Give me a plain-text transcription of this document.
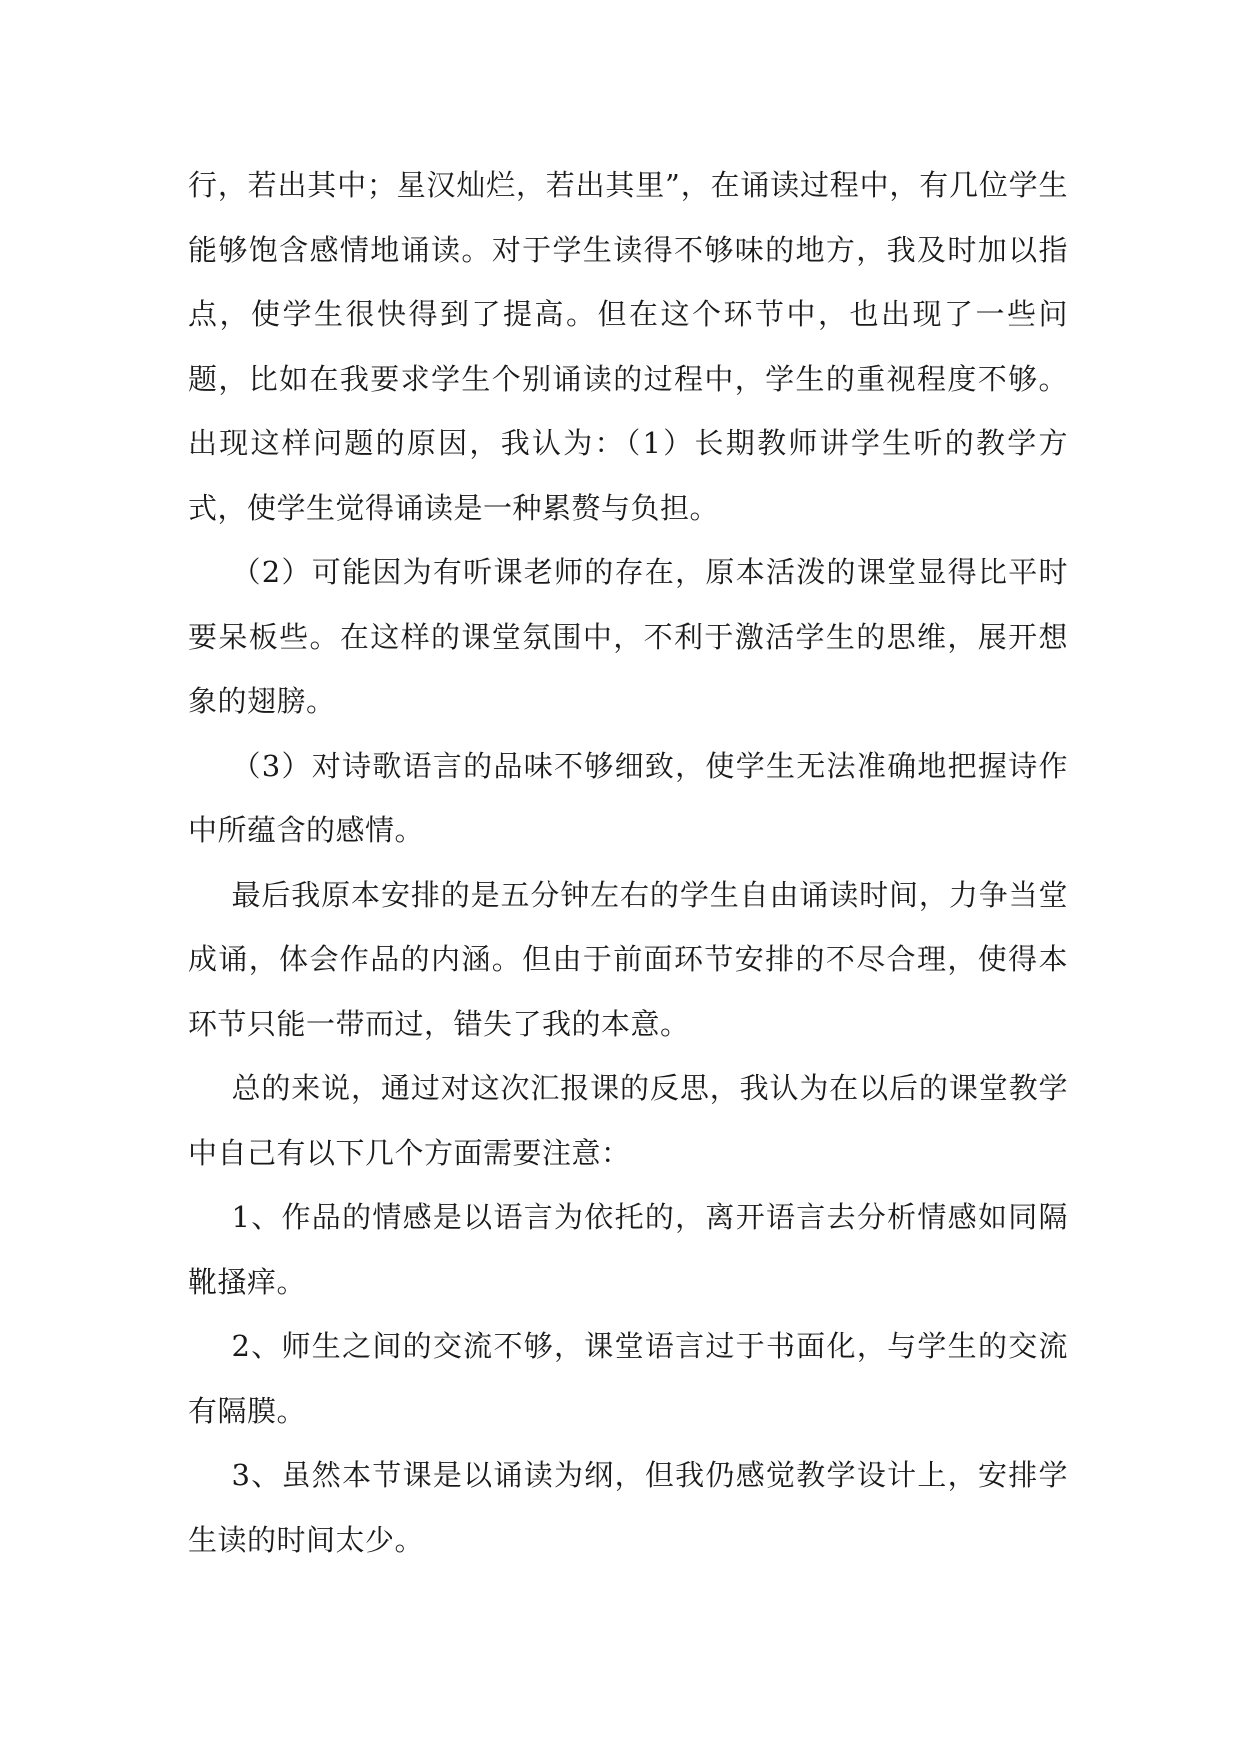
行，若出其中；星汉灿烂，若出其里”，在诵读过程中，有几位学生能够饱含感情地诵读。对于学生读得不够味的地方，我及时加以指点，使学生很快得到了提高。但在这个环节中，也出现了一些问题，比如在我要求学生个别诵读的过程中，学生的重视程度不够。出现这样问题的原因，我认为：（1）长期教师讲学生听的教学方式，使学生觉得诵读是一种累赘与负担。

（2）可能因为有听课老师的存在，原本活泼的课堂显得比平时要呆板些。在这样的课堂氛围中，不利于激活学生的思维，展开想象的翅膀。

（3）对诗歌语言的品味不够细致，使学生无法准确地把握诗作中所蕴含的感情。

最后我原本安排的是五分钟左右的学生自由诵读时间，力争当堂成诵，体会作品的内涵。但由于前面环节安排的不尽合理，使得本环节只能一带而过，错失了我的本意。

总的来说，通过对这次汇报课的反思，我认为在以后的课堂教学中自己有以下几个方面需要注意：

1、作品的情感是以语言为依托的，离开语言去分析情感如同隔靴搔痒。

2、师生之间的交流不够，课堂语言过于书面化，与学生的交流有隔膜。

3、虽然本节课是以诵读为纲，但我仍感觉教学设计上，安排学生读的时间太少。
